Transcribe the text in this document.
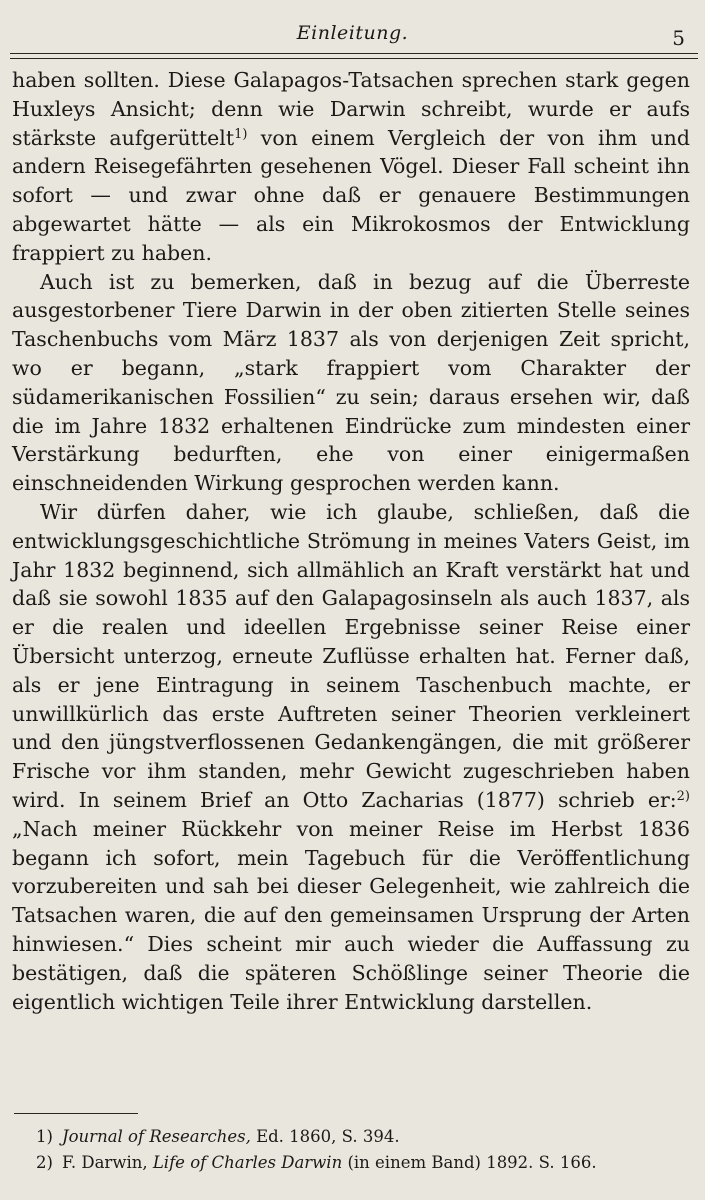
Einleitung.	5

haben sollten. Diese Galapagos-Tatsachen sprechen stark gegen Huxleys Ansicht; denn wie Darwin schreibt, wurde er aufs stärkste aufgerüttelt$^{1)}$ von einem Vergleich der von ihm und andern Reisegefährten gesehenen Vögel. Dieser Fall scheint ihn sofort — und zwar ohne daß er genauere Bestimmungen abgewartet hätte — als ein Mikrokosmos der Entwicklung frappiert zu haben.

Auch ist zu bemerken, daß in bezug auf die Überreste ausgestorbener Tiere Darwin in der oben zitierten Stelle seines Taschenbuchs vom März 1837 als von derjenigen Zeit spricht, wo er begann, „stark frappiert vom Charakter der südamerikanischen Fossilien“ zu sein; daraus ersehen wir, daß die im Jahre 1832 erhaltenen Eindrücke zum mindesten einer Verstärkung bedurften, ehe von einer einigermaßen einschneidenden Wirkung gesprochen werden kann.

Wir dürfen daher, wie ich glaube, schließen, daß die entwicklungsgeschichtliche Strömung in meines Vaters Geist, im Jahr 1832 beginnend, sich allmählich an Kraft verstärkt hat und daß sie sowohl 1835 auf den Galapagosinseln als auch 1837, als er die realen und ideellen Ergebnisse seiner Reise einer Übersicht unterzog, erneute Zuflüsse erhalten hat. Ferner daß, als er jene Eintragung in seinem Taschenbuch machte, er unwillkürlich das erste Auftreten seiner Theorien verkleinert und den jüngstverflossenen Gedankengängen, die mit größerer Frische vor ihm standen, mehr Gewicht zugeschrieben haben wird. In seinem Brief an Otto Zacharias (1877) schrieb er:$^{2)}$ „Nach meiner Rückkehr von meiner Reise im Herbst 1836 begann ich sofort, mein Tagebuch für die Veröffentlichung vorzubereiten und sah bei dieser Gelegenheit, wie zahlreich die Tatsachen waren, die auf den gemeinsamen Ursprung der Arten hinwiesen.“ Dies scheint mir auch wieder die Auffassung zu bestätigen, daß die späteren Schößlinge seiner Theorie die eigentlich wichtigen Teile ihrer Entwicklung darstellen.

1) Journal of Researches, Ed. 1860, S. 394.
2) F. Darwin, Life of Charles Darwin (in einem Band) 1892. S. 166.
